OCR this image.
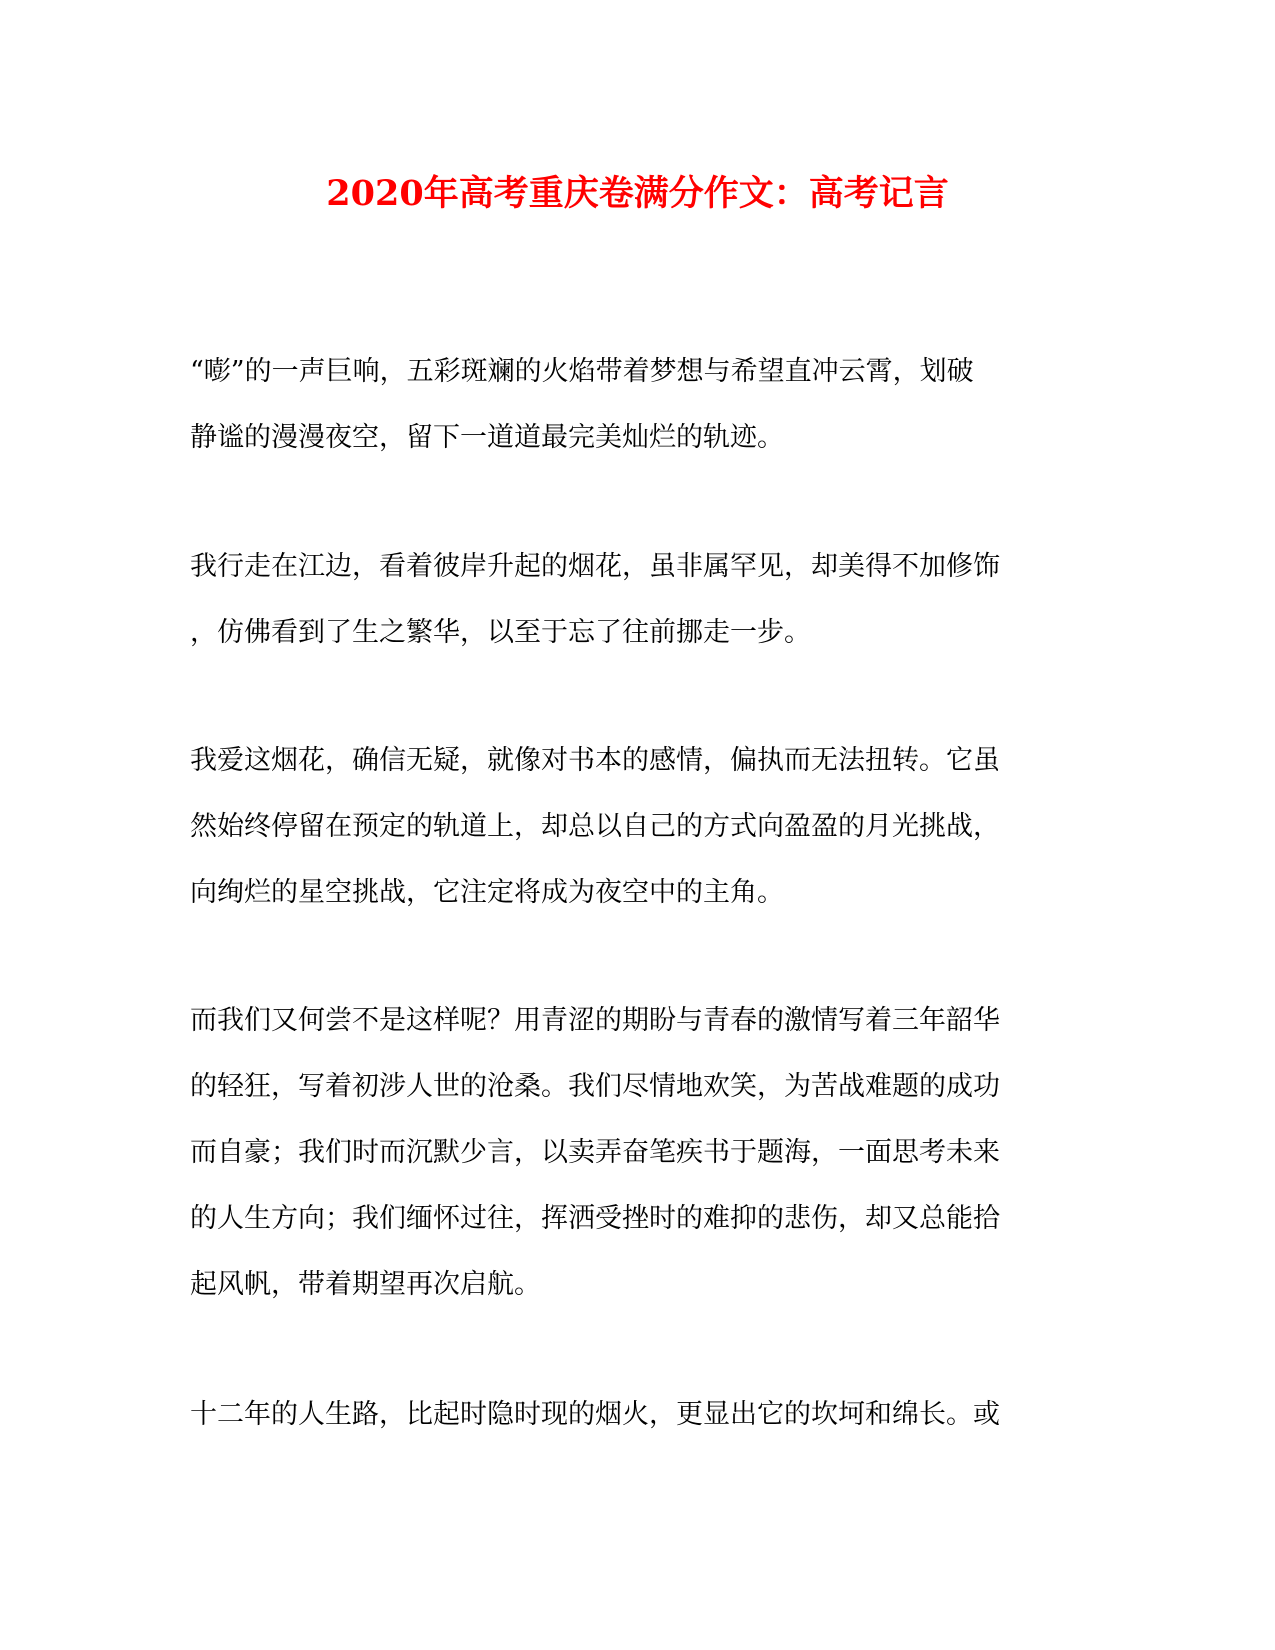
2020年高考重庆卷满分作文：高考记言
“嘭”的一声巨响，五彩斑斓的火焰带着梦想与希望直冲云霄，划破
静谧的漫漫夜空，留下一道道最完美灿烂的轨迹。
我行走在江边，看着彼岸升起的烟花，虽非属罕见，却美得不加修饰
，仿佛看到了生之繁华，以至于忘了往前挪走一步。
我爱这烟花，确信无疑，就像对书本的感情，偏执而无法扭转。它虽
然始终停留在预定的轨道上，却总以自己的方式向盈盈的月光挑战，
向绚烂的星空挑战，它注定将成为夜空中的主角。
而我们又何尝不是这样呢？用青涩的期盼与青春的激情写着三年韶华
的轻狂，写着初涉人世的沧桑。我们尽情地欢笑，为苦战难题的成功
而自豪；我们时而沉默少言，以卖弄奋笔疾书于题海，一面思考未来
的人生方向；我们缅怀过往，挥洒受挫时的难抑的悲伤，却又总能拾
起风帆，带着期望再次启航。
十二年的人生路，比起时隐时现的烟火，更显出它的坎坷和绵长。或
